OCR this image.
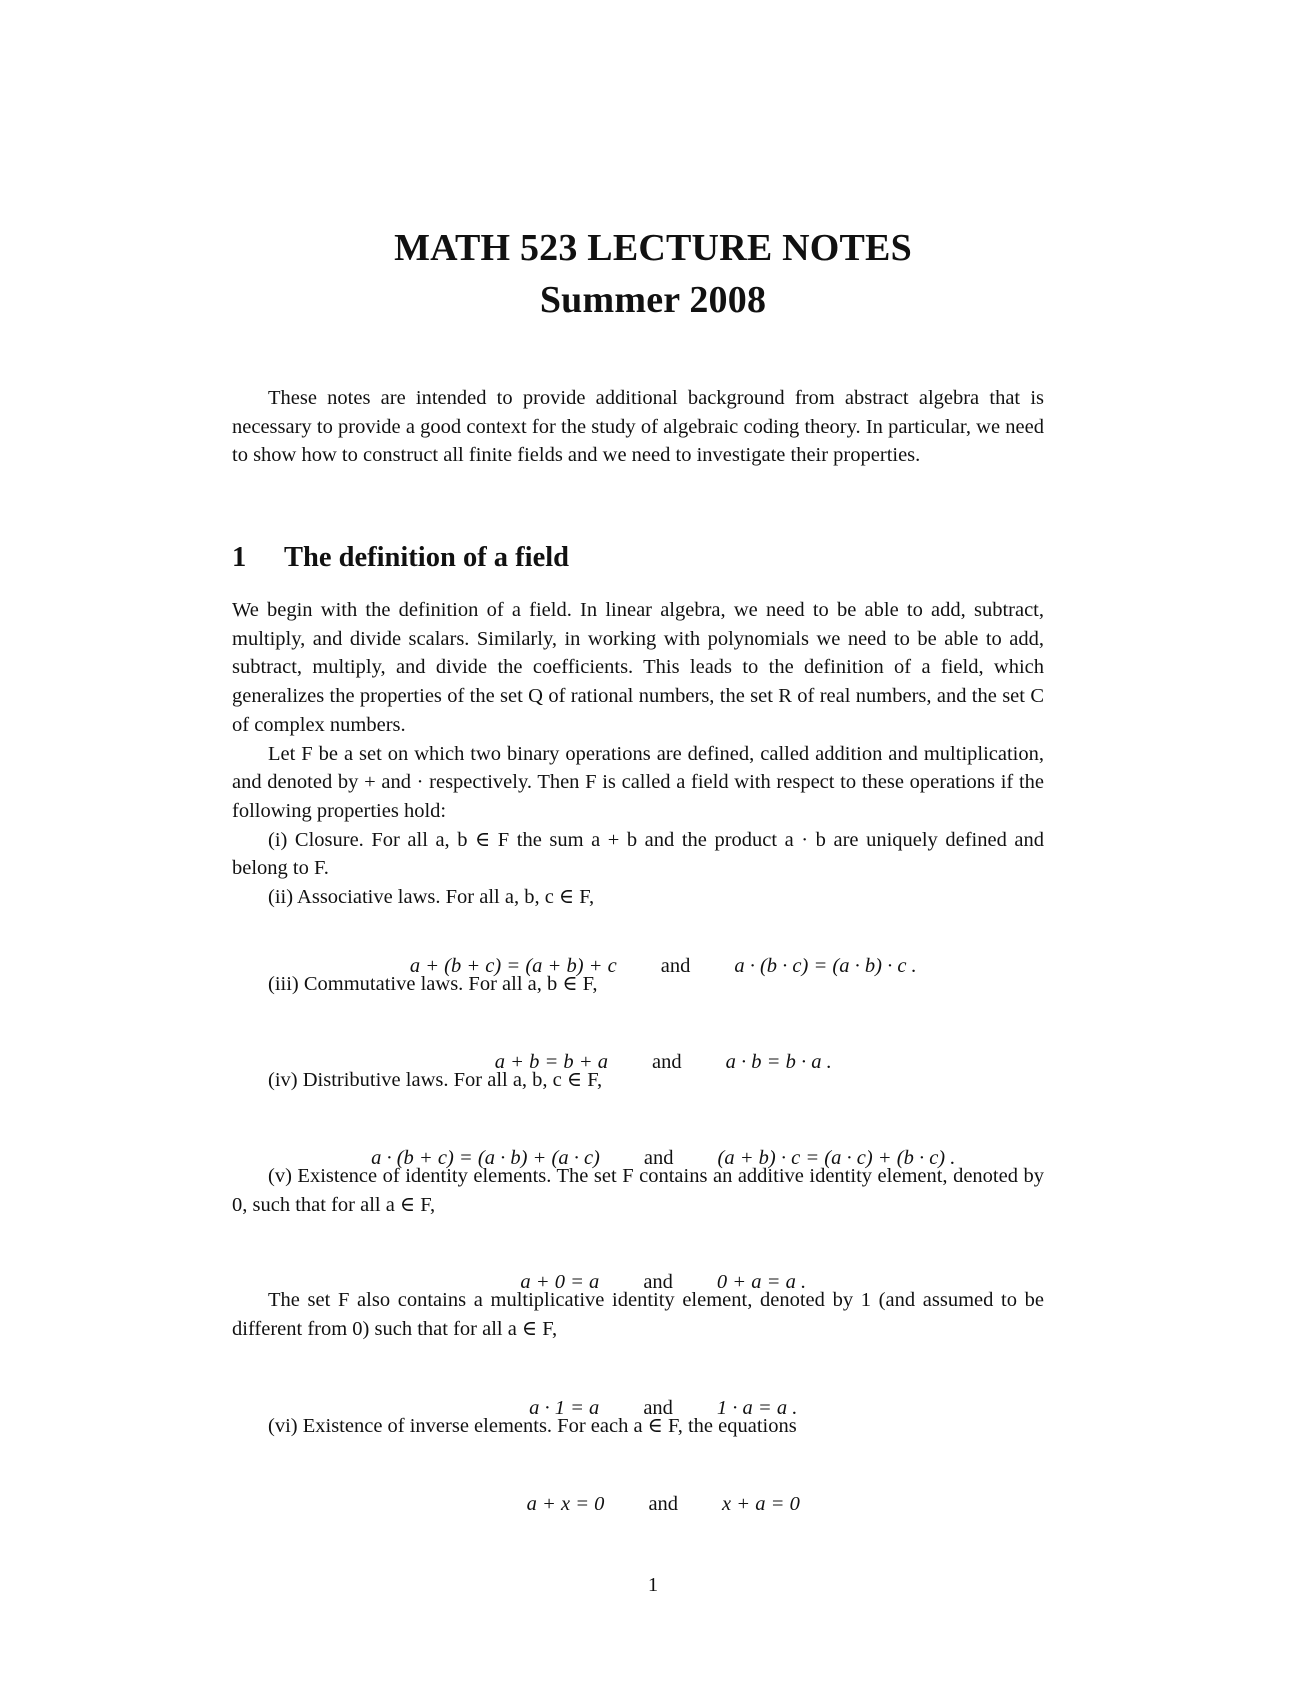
MATH 523 LECTURE NOTES
Summer 2008

These notes are intended to provide additional background from abstract algebra that is necessary to provide a good context for the study of algebraic coding theory. In particular, we need to show how to construct all finite fields and we need to investigate their properties.

1 The definition of a field

We begin with the definition of a field. In linear algebra, we need to be able to add, subtract, multiply, and divide scalars. Similarly, in working with polynomials we need to be able to add, subtract, multiply, and divide the coefficients. This leads to the definition of a field, which generalizes the properties of the set Q of rational numbers, the set R of real numbers, and the set C of complex numbers.

Let F be a set on which two binary operations are defined, called addition and multiplication, and denoted by + and · respectively. Then F is called a field with respect to these operations if the following properties hold:

(i) Closure. For all a, b ∈ F the sum a + b and the product a · b are uniquely defined and belong to F.

(ii) Associative laws. For all a, b, c ∈ F,

a + (b + c) = (a + b) + c and a · (b · c) = (a · b) · c .

(iii) Commutative laws. For all a, b ∈ F,

a + b = b + a and a · b = b · a .

(iv) Distributive laws. For all a, b, c ∈ F,

a · (b + c) = (a · b) + (a · c) and (a + b) · c = (a · c) + (b · c) .

(v) Existence of identity elements. The set F contains an additive identity element, denoted by 0, such that for all a ∈ F,

a + 0 = a and 0 + a = a .

The set F also contains a multiplicative identity element, denoted by 1 (and assumed to be different from 0) such that for all a ∈ F,

a · 1 = a and 1 · a = a .

(vi) Existence of inverse elements. For each a ∈ F, the equations

a + x = 0 and x + a = 0

1
